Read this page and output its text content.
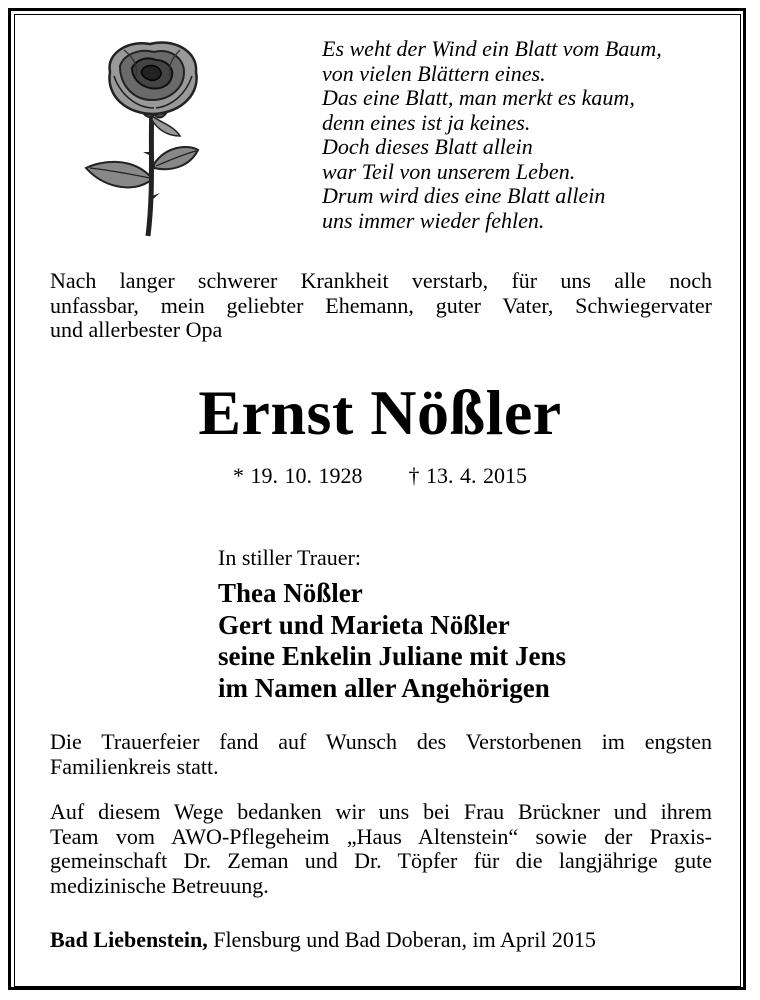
Es weht der Wind ein Blatt vom Baum,
von vielen Blättern eines.
Das eine Blatt, man merkt es kaum,
denn eines ist ja keines.
Doch dieses Blatt allein
war Teil von unserem Leben.
Drum wird dies eine Blatt allein
uns immer wieder fehlen.
Nach langer schwerer Krankheit verstarb, für uns alle noch
unfassbar, mein geliebter Ehemann, guter Vater, Schwiegervater
und allerbester Opa
Ernst Nößler
* 19. 10. 1928 † 13. 4. 2015
In stiller Trauer:
Thea Nößler
Gert und Marieta Nößler
seine Enkelin Juliane mit Jens
im Namen aller Angehörigen
Die Trauerfeier fand auf Wunsch des Verstorbenen im engsten
Familienkreis statt.
Auf diesem Wege bedanken wir uns bei Frau Brückner und ihrem
Team vom AWO-Pflegeheim „Haus Altenstein“ sowie der Praxis-
gemeinschaft Dr. Zeman und Dr. Töpfer für die langjährige gute
medizinische Betreuung.
Bad Liebenstein, Flensburg und Bad Doberan, im April 2015
